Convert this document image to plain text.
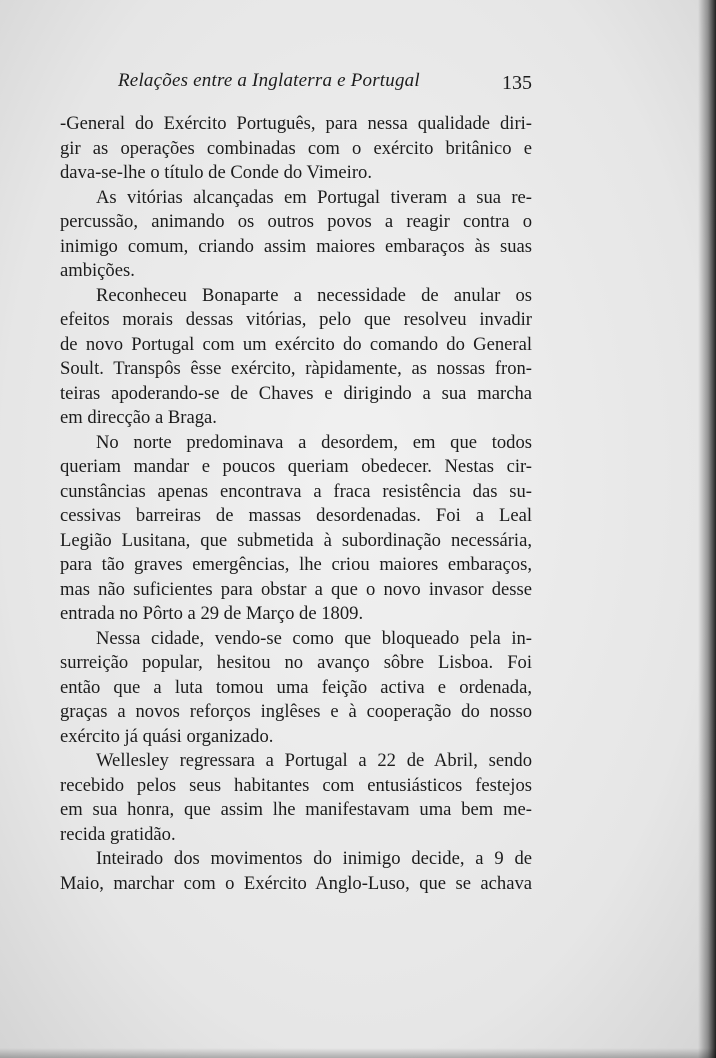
Relações entre a Inglaterra e Portugal	135

-General do Exército Português, para nessa qualidade diri-

gir as operações combinadas com o exército britânico e

dava-se-lhe o título de Conde do Vimeiro.

As vitórias alcançadas em Portugal tiveram a sua re-

percussão, animando os outros povos a reagir contra o

inimigo comum, criando assim maiores embaraços às suas

ambições.

Reconheceu Bonaparte a necessidade de anular os

efeitos morais dessas vitórias, pelo que resolveu invadir

de novo Portugal com um exército do comando do General

Soult. Transpôs êsse exército, ràpidamente, as nossas fron-

teiras apoderando-se de Chaves e dirigindo a sua marcha

em direcção a Braga.

No norte predominava a desordem, em que todos

queriam mandar e poucos queriam obedecer. Nestas cir-

cunstâncias apenas encontrava a fraca resistência das su-

cessivas barreiras de massas desordenadas. Foi a Leal

Legião Lusitana, que submetida à subordinação necessária,

para tão graves emergências, lhe criou maiores embaraços,

mas não suficientes para obstar a que o novo invasor desse

entrada no Pôrto a 29 de Março de 1809.

Nessa cidade, vendo-se como que bloqueado pela in-

surreição popular, hesitou no avanço sôbre Lisboa. Foi

então que a luta tomou uma feição activa e ordenada,

graças a novos reforços inglêses e à cooperação do nosso

exército já quási organizado.

Wellesley regressara a Portugal a 22 de Abril, sendo

recebido pelos seus habitantes com entusiásticos festejos

em sua honra, que assim lhe manifestavam uma bem me-

recida gratidão.

Inteirado dos movimentos do inimigo decide, a 9 de

Maio, marchar com o Exército Anglo-Luso, que se achava
